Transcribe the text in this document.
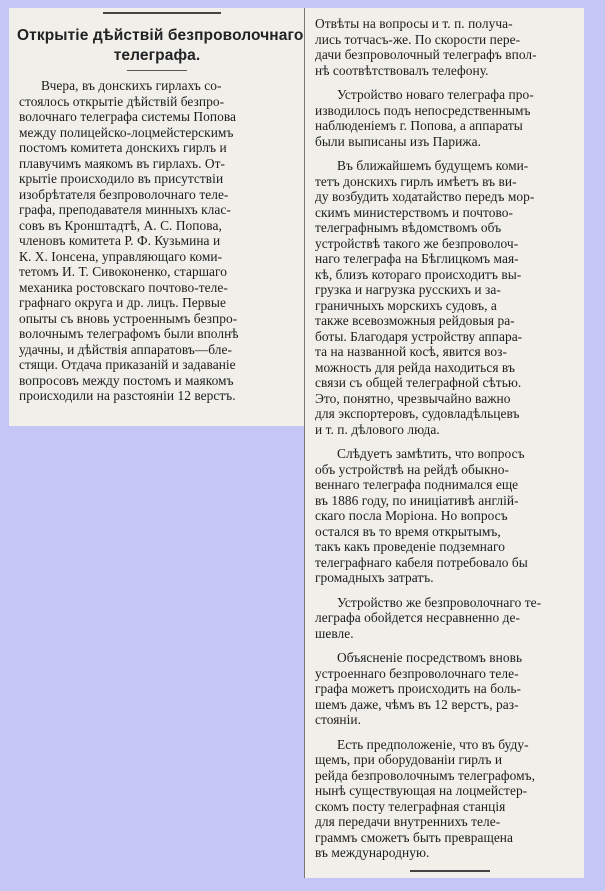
Открытіе дѣйствій безпроволочнаго
телеграфа.
Вчера, въ донскихъ гирлахъ со-
стоялось открытіе дѣйствій безпро-
волочнаго телеграфа системы Попова
между полицейско-лоцмейстерскимъ
постомъ комитета донскихъ гирлъ и
плавучимъ маякомъ въ гирлахъ. От-
крытіе происходило въ присутствіи
изобрѣтателя безпроволочнаго теле-
графа, преподавателя минныхъ клас-
совъ въ Кронштадтѣ, А. С. Попова,
членовъ комитета Р. Ф. Кузьмина и
К. Х. Іонсена, управляющаго коми-
тетомъ И. Т. Сивоконенко, старшаго
механика ростовскаго почтово-теле-
графнаго округа и др. лицъ. Первые
опыты съ вновь устроеннымъ безпро-
волочнымъ телеграфомъ были вполнѣ
удачны, и дѣйствія аппаратовъ—бле-
стящи. Отдача приказаній и задаваніе
вопросовъ между постомъ и маякомъ
происходили на разстояніи 12 верстъ.
Отвѣты на вопросы и т. п. получа-
лись тотчасъ-же. По скорости пере-
дачи безпроволочный телеграфъ впол-
нѣ соотвѣтствовалъ телефону.
Устройство новаго телеграфа про-
изводилось подъ непосредственнымъ
наблюденіемъ г. Попова, а аппараты
были выписаны изъ Парижа.
Въ ближайшемъ будущемъ коми-
тетъ донскихъ гирлъ имѣетъ въ ви-
ду возбудить ходатайство передъ мор-
скимъ министерствомъ и почтово-
телеграфнымъ вѣдомствомъ объ
устройствѣ такого же безпроволоч-
наго телеграфа на Бѣглицкомъ мая-
кѣ, близъ котораго происходитъ вы-
грузка и нагрузка русскихъ и за-
граничныхъ морскихъ судовъ, а
также всевозможныя рейдовыя ра-
боты. Благодаря устройству аппара-
та на названной косѣ, явится воз-
можность для рейда находиться въ
связи съ общей телеграфной сѣтью.
Это, понятно, чрезвычайно важно
для экспортеровъ, судовладѣльцевъ
и т. п. дѣлового люда.
Слѣдуетъ замѣтить, что вопросъ
объ устройствѣ на рейдѣ обыкно-
веннаго телеграфа поднимался еще
въ 1886 году, по иниціативѣ англій-
скаго посла Моріона. Но вопросъ
остался въ то время открытымъ,
такъ какъ проведеніе подземнаго
телеграфнаго кабеля потребовало бы
громадныхъ затратъ.
Устройство же безпроволочнаго те-
леграфа обойдется несравненно де-
шевле.
Объясненіе посредствомъ вновь
устроеннаго безпроволочнаго теле-
графа можетъ происходить на боль-
шемъ даже, чѣмъ въ 12 верстъ, раз-
стояніи.
Есть предположеніе, что въ буду-
щемъ, при оборудованіи гирлъ и
рейда безпроволочнымъ телеграфомъ,
нынѣ существующая на лоцмейстер-
скомъ посту телеграфная станція
для передачи внутреннихъ теле-
граммъ сможетъ быть превращена
въ международную.
